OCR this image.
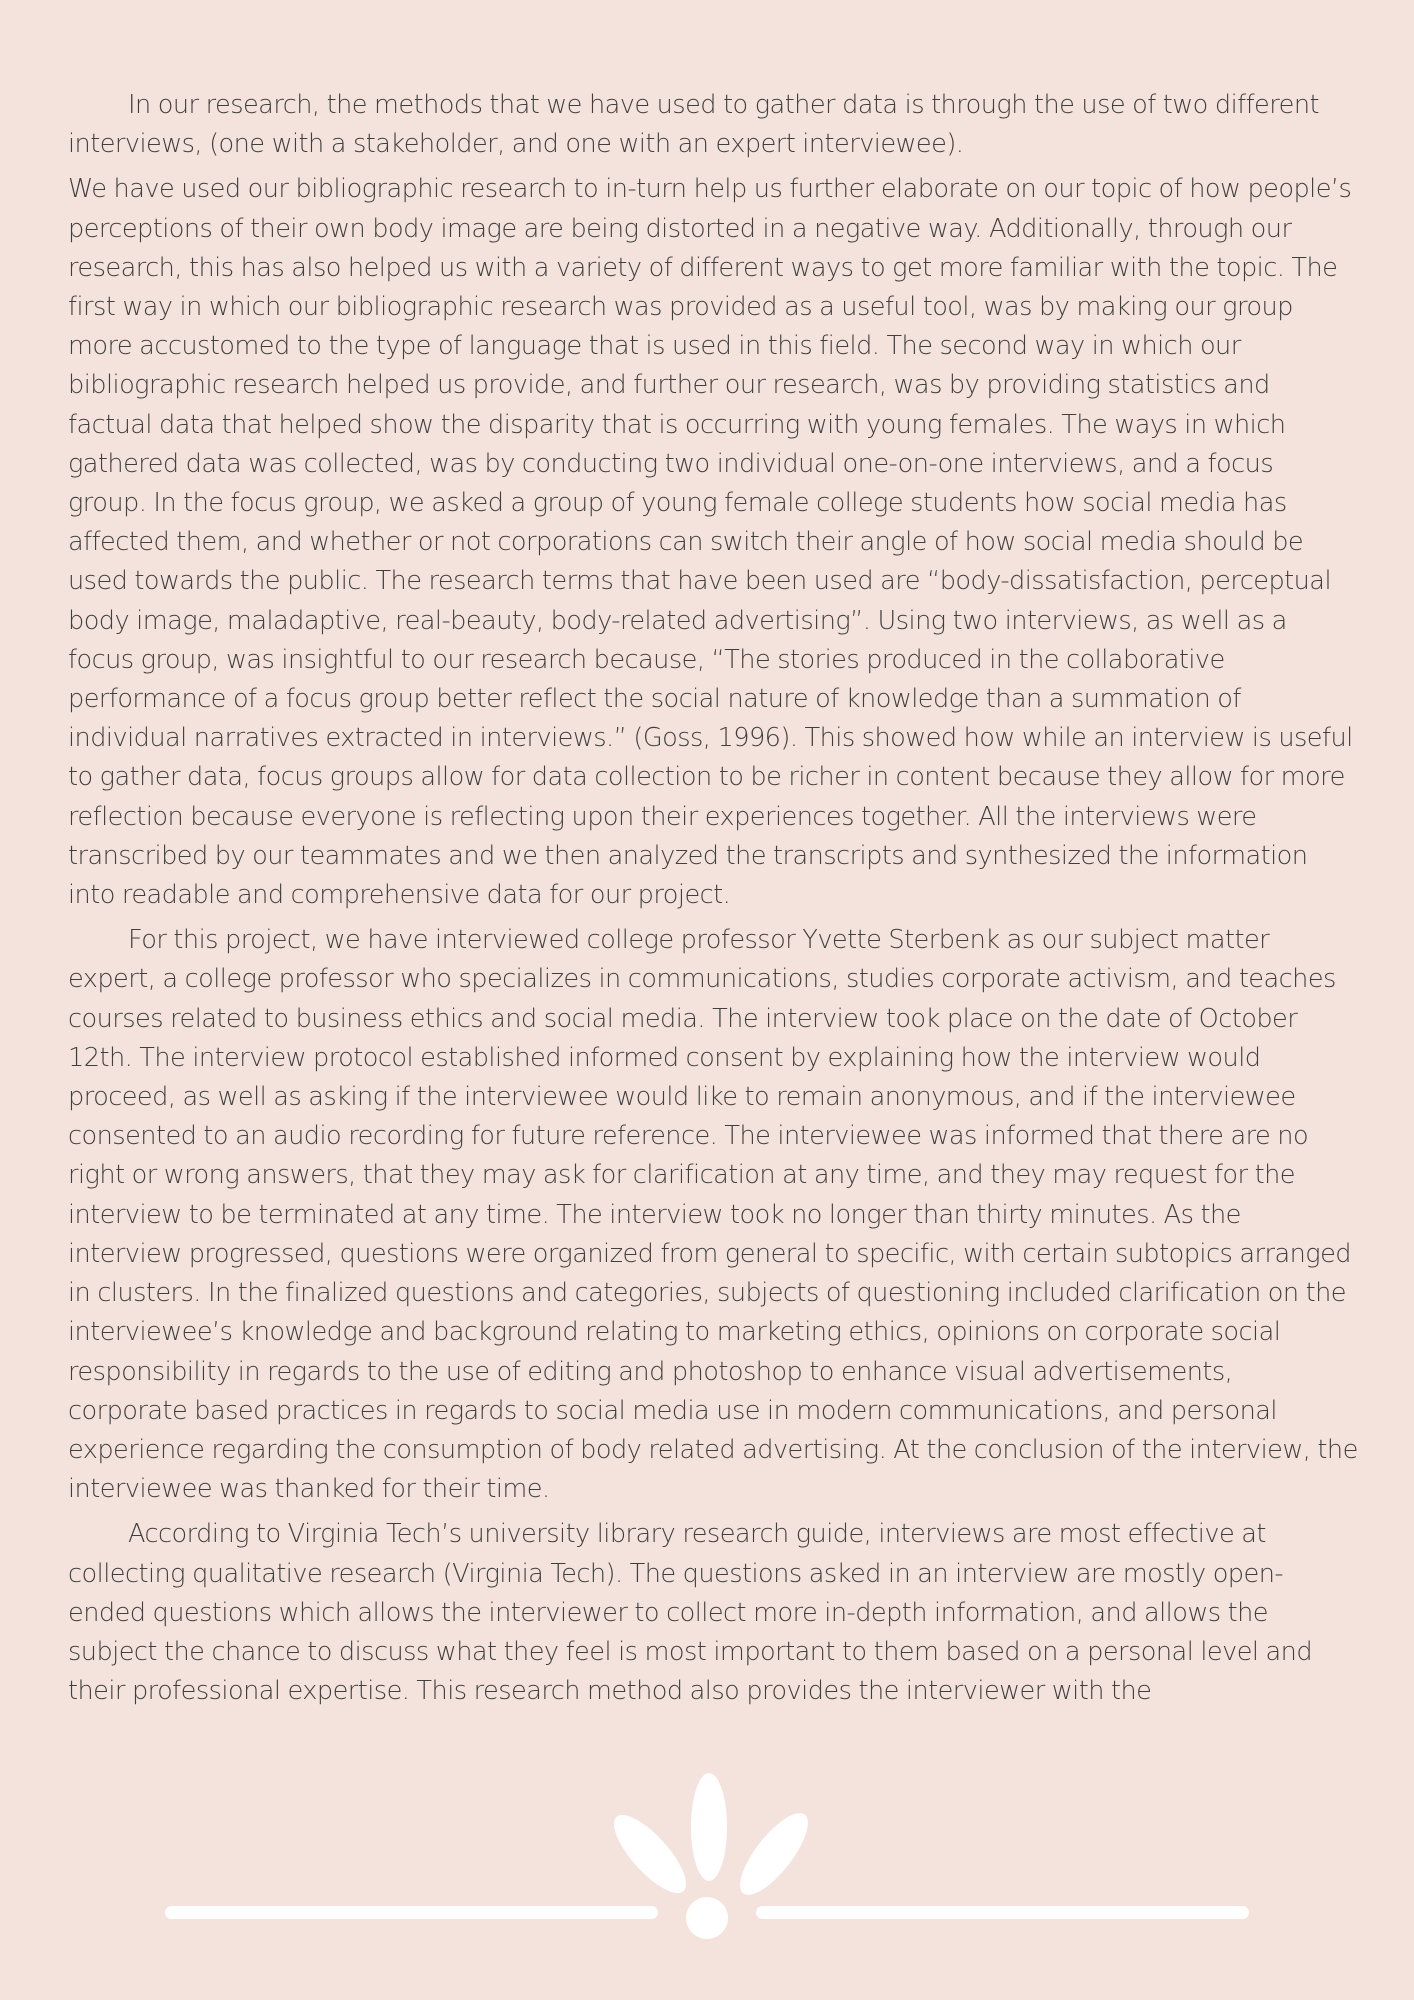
In our research, the methods that we have used to gather data is through the use of two different interviews, (one with a stakeholder, and one with an expert interviewee).

We have used our bibliographic research to in-turn help us further elaborate on our topic of how people’s perceptions of their own body image are being distorted in a negative way. Additionally, through our research, this has also helped us with a variety of different ways to get more familiar with the topic. The first way in which our bibliographic research was provided as a useful tool, was by making our group more accustomed to the type of language that is used in this field. The second way in which our bibliographic research helped us provide, and further our research, was by providing statistics and factual data that helped show the disparity that is occurring with young females. The ways in which gathered data was collected, was by conducting two individual one-on-one interviews, and a focus group. In the focus group, we asked a group of young female college students how social media has affected them, and whether or not corporations can switch their angle of how social media should be used towards the public. The research terms that have been used are “body-dissatisfaction, perceptual body image, maladaptive, real-beauty, body-related advertising”. Using two interviews, as well as a focus group, was insightful to our research because, “The stories produced in the collaborative performance of a focus group better reflect the social nature of knowledge than a summation of individual narratives extracted in interviews.” (Goss, 1996). This showed how while an interview is useful to gather data, focus groups allow for data collection to be richer in content because they allow for more reflection because everyone is reflecting upon their experiences together. All the interviews were transcribed by our teammates and we then analyzed the transcripts and synthesized the information into readable and comprehensive data for our project.

For this project, we have interviewed college professor Yvette Sterbenk as our subject matter expert, a college professor who specializes in communications, studies corporate activism, and teaches courses related to business ethics and social media. The interview took place on the date of October 12th. The interview protocol established informed consent by explaining how the interview would proceed, as well as asking if the interviewee would like to remain anonymous, and if the interviewee consented to an audio recording for future reference. The interviewee was informed that there are no right or wrong answers, that they may ask for clarification at any time, and they may request for the interview to be terminated at any time. The interview took no longer than thirty minutes. As the interview progressed, questions were organized from general to specific, with certain subtopics arranged in clusters. In the finalized questions and categories, subjects of questioning included clarification on the interviewee’s knowledge and background relating to marketing ethics, opinions on corporate social responsibility in regards to the use of editing and photoshop to enhance visual advertisements, corporate based practices in regards to social media use in modern communications, and personal experience regarding the consumption of body related advertising. At the conclusion of the interview, the interviewee was thanked for their time.

According to Virginia Tech’s university library research guide, interviews are most effective at collecting qualitative research (Virginia Tech). The questions asked in an interview are mostly open-ended questions which allows the interviewer to collect more in-depth information, and allows the subject the chance to discuss what they feel is most important to them based on a personal level and their professional expertise. This research method also provides the interviewer with the
